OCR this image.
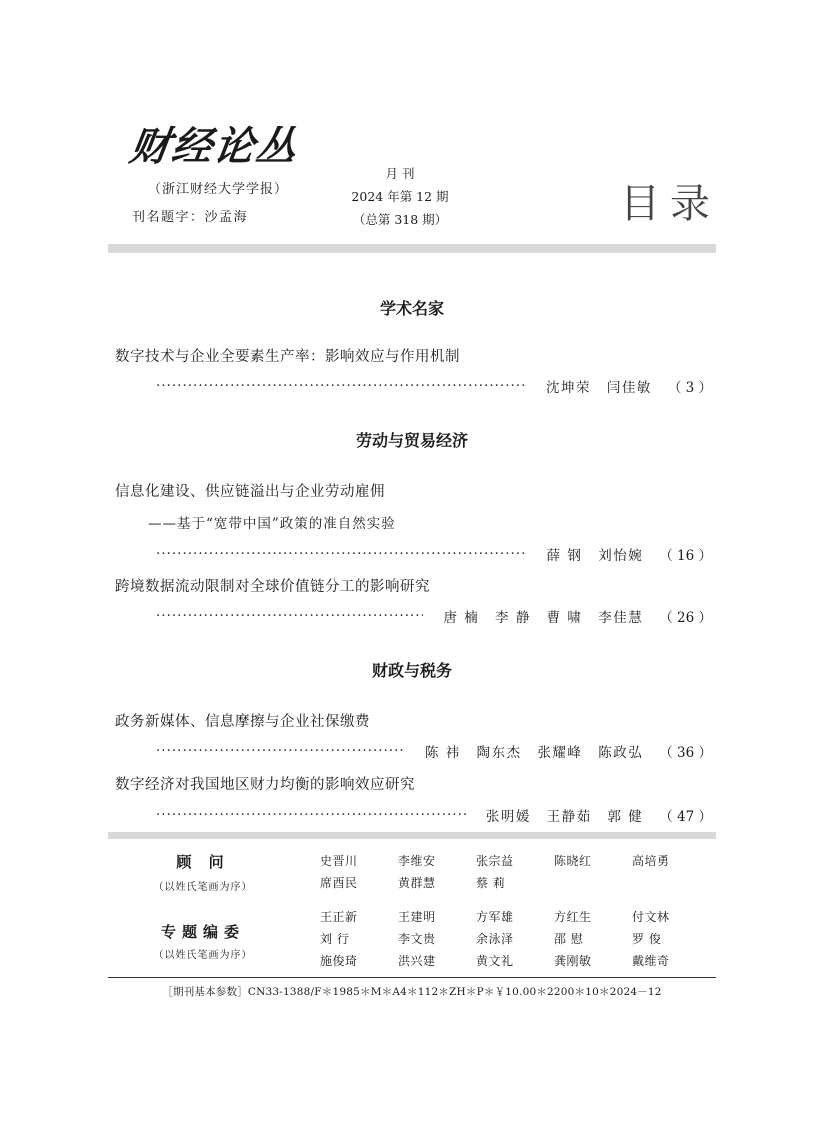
财经论丛
（浙江财经大学学报）
刊名题字：沙孟海
月 刊
2024 年第 12 期
（总第 318 期）	目录
学术名家
数字技术与企业全要素生产率：影响效应与作用机制
·····
沈坤荣 闫佳敏 （ 3 ）
劳动与贸易经济
信息化建设、供应链溢出与企业劳动雇佣
——基于“宽带中国”政策的准自然实验
·····
薛 钢 刘怡婉 （ 16 ）
跨境数据流动限制对全球价值链分工的影响研究
·····
唐 楠 李 静 曹 啸 李佳慧 （ 26 ）
财政与税务
政务新媒体、信息摩擦与企业社保缴费
·····
陈 祎 陶东杰 张耀峰 陈政弘 （ 36 ）
数字经济对我国地区财力均衡的影响效应研究
·····
张明媛 王静茹 郭 健 （ 47 ）
顾 问
（以姓氏笔画为序）
史晋川	李维安	张宗益	陈晓红	高培勇
席酉民	黄群慧	蔡 莉
专题编委
（以姓氏笔画为序）
王正新	王建明	方军雄	方红生	付文林
刘 行	李文贵	余泳泽	邵 慰	罗 俊
施俊琦	洪兴建	黄文礼	龚刚敏	戴维奇
［期刊基本参数］CN33-1388/F＊1985＊M＊A4＊112＊ZH＊P＊￥10.00＊2200＊10＊2024－12
